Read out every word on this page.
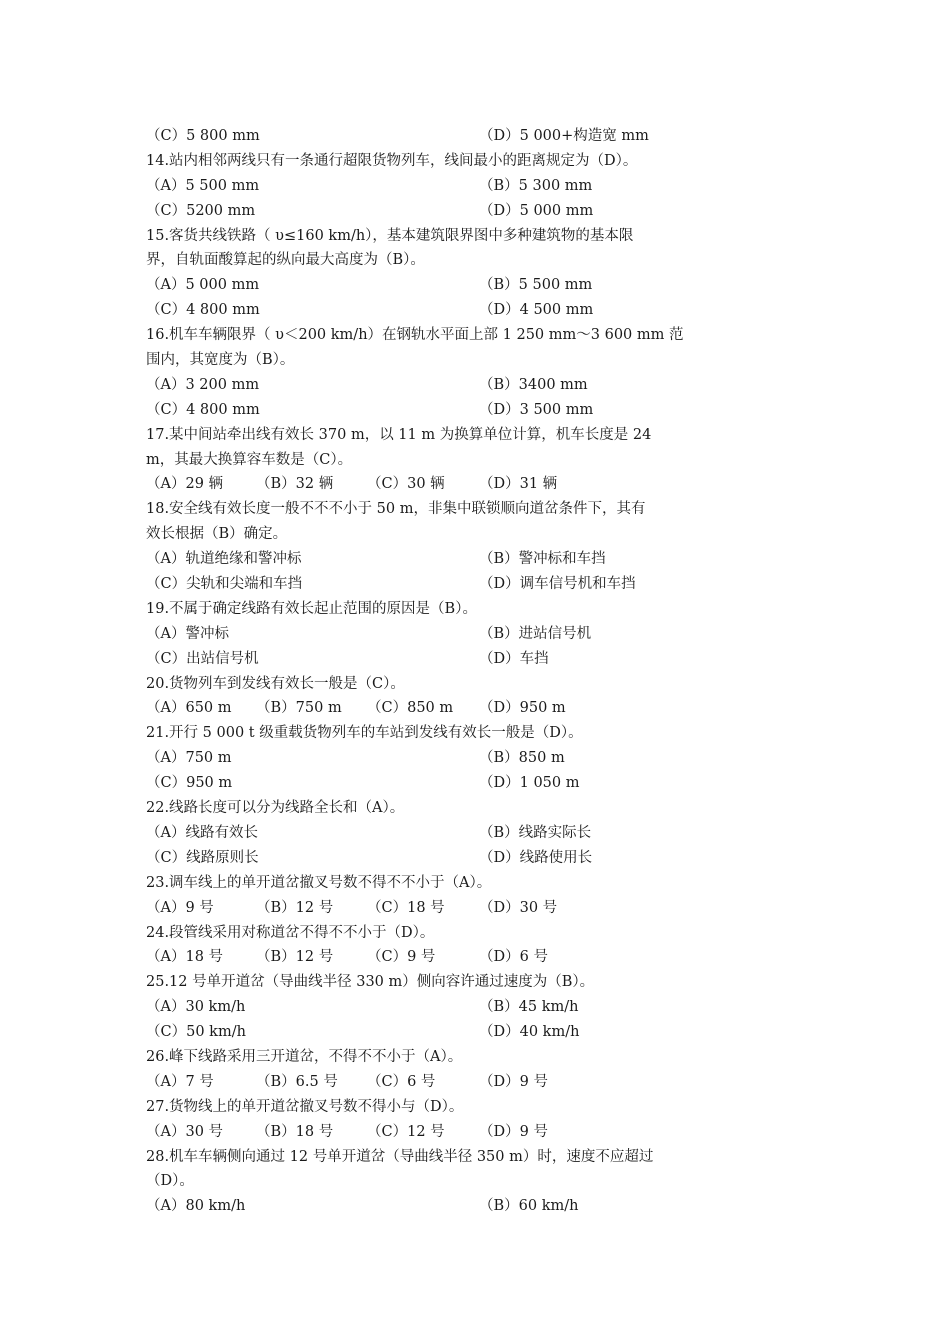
（C）5 800 mm	（D）5 000+构造宽 mm
14.站内相邻两线只有一条通行超限货物列车，线间最小的距离规定为（D）。
（A）5 500 mm	（B）5 300 mm
（C）5200 mm	（D）5 000 mm
15.客货共线铁路（ υ≤160 km/h），基本建筑限界图中多种建筑物的基本限
界，自轨面酸算起的纵向最大高度为（B）。
（A）5 000 mm	（B）5 500 mm
（C）4 800 mm	（D）4 500 mm
16.机车车辆限界（ υ＜200 km/h）在钢轨水平面上部 1 250 mm～3 600 mm 范
围内，其宽度为（B）。
（A）3 200 mm	（B）3400 mm
（C）4 800 mm	（D）3 500 mm
17.某中间站牵出线有效长 370 m，以 11 m 为换算单位计算，机车长度是 24
m，其最大换算容车数是（C）。
（A）29 辆 （B）32 辆 （C）30 辆 （D）31 辆
18.安全线有效长度一般不不不小于 50 m，非集中联锁顺向道岔条件下，其有
效长根据（B）确定。
（A）轨道绝缘和警冲标	（B）警冲标和车挡
（C）尖轨和尖端和车挡	（D）调车信号机和车挡
19.不属于确定线路有效长起止范围的原因是（B）。
（A）警冲标	（B）进站信号机
（C）出站信号机	（D）车挡
20.货物列车到发线有效长一般是（C）。
（A）650 m （B）750 m （C）850 m （D）950 m
21.开行 5 000 t 级重载货物列车的车站到发线有效长一般是（D）。
（A）750 m	（B）850 m
（C）950 m	（D）1 050 m
22.线路长度可以分为线路全长和（A）。
（A）线路有效长	（B）线路实际长
（C）线路原则长	（D）线路使用长
23.调车线上的单开道岔撤叉号数不得不不小于（A）。
（A）9 号	（B）12 号 （C）18 号 （D）30 号
24.段管线采用对称道岔不得不不小于（D）。
（A）18 号 （B）12 号 （C）9 号	（D）6 号
25.12 号单开道岔（导曲线半径 330 m）侧向容许通过速度为（B）。
（A）30 km/h	（B）45 km/h
（C）50 km/h	（D）40 km/h
26.峰下线路采用三开道岔，不得不不小于（A）。
（A）7 号	（B）6.5 号 （C）6 号	（D）9 号
27.货物线上的单开道岔撤叉号数不得小与（D）。
（A）30 号 （B）18 号 （C）12 号 （D）9 号
28.机车车辆侧向通过 12 号单开道岔（导曲线半径 350 m）时，速度不应超过
（D）。
（A）80 km/h	（B）60 km/h
